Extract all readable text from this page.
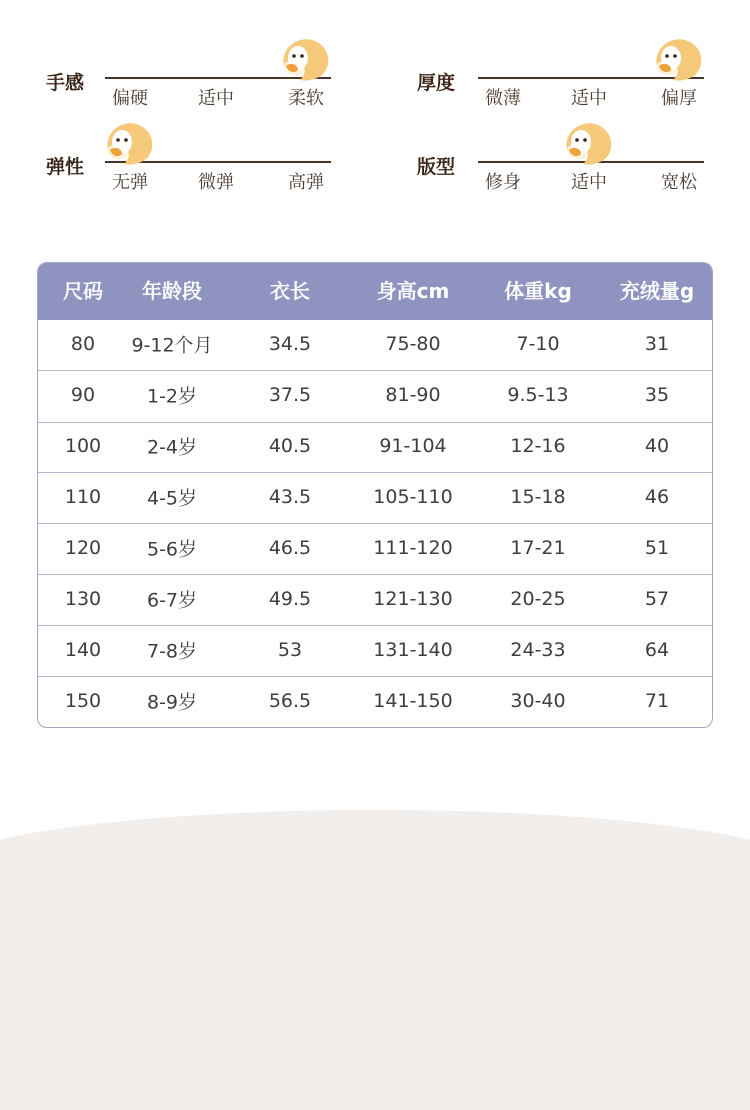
手感
偏硬	适中	柔软
厚度
微薄	适中	偏厚
弹性
无弹	微弹	高弹
版型
修身	适中	宽松
尺码 年龄段	衣长	身高cm	体重kg 充绒量g
80 9-12个月	34.5	75-80	7-10	31
90	1-2岁	37.5	81-90	9.5-13	35
100 2-4岁	40.5	91-104	12-16	40
110 4-5岁	43.5	105-110	15-18	46
120 5-6岁	46.5	111-120	17-21	51
130 6-7岁	49.5	121-130	20-25	57
140 7-8岁	53	131-140	24-33	64
150 8-9岁	56.5	141-150	30-40	71
